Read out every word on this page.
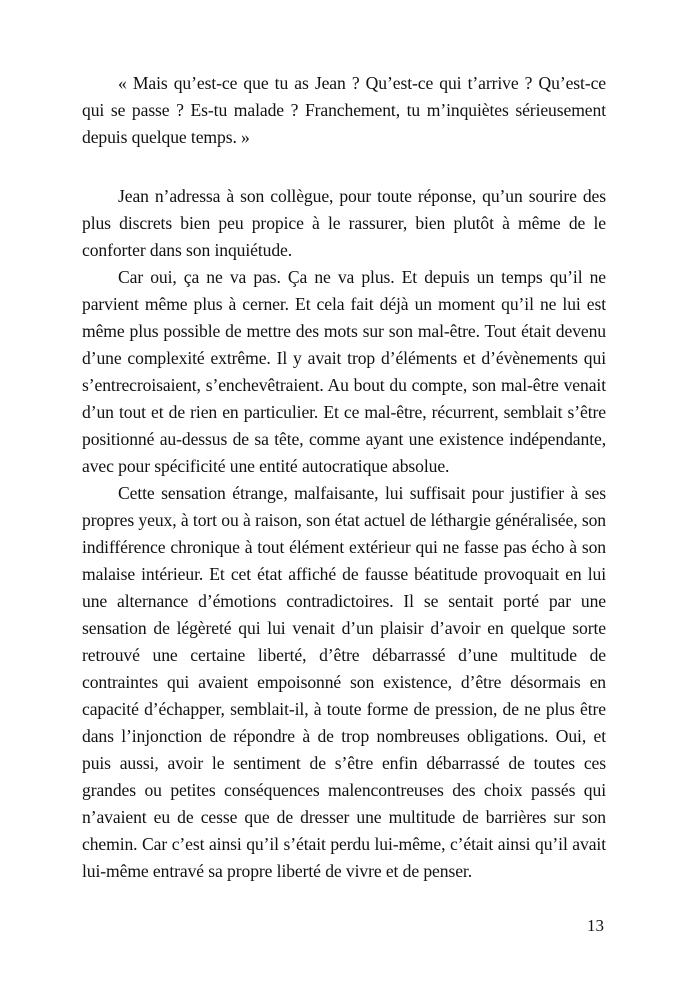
« Mais qu’est-ce que tu as Jean ? Qu’est-ce qui t’arrive ? Qu’est-ce qui se passe ? Es-tu malade ? Franchement, tu m’inquiètes sérieusement depuis quelque temps. »

Jean n’adressa à son collègue, pour toute réponse, qu’un sourire des plus discrets bien peu propice à le rassurer, bien plutôt à même de le conforter dans son inquiétude.

Car oui, ça ne va pas. Ça ne va plus. Et depuis un temps qu’il ne parvient même plus à cerner. Et cela fait déjà un moment qu’il ne lui est même plus possible de mettre des mots sur son mal-être. Tout était devenu d’une complexité extrême. Il y avait trop d’éléments et d’évènements qui s’entrecroisaient, s’enchevêtraient. Au bout du compte, son mal-être venait d’un tout et de rien en particulier. Et ce mal-être, récurrent, semblait s’être positionné au-dessus de sa tête, comme ayant une existence indépendante, avec pour spécificité une entité autocratique absolue.

Cette sensation étrange, malfaisante, lui suffisait pour justifier à ses propres yeux, à tort ou à raison, son état actuel de léthargie généralisée, son indifférence chronique à tout élément extérieur qui ne fasse pas écho à son malaise intérieur. Et cet état affiché de fausse béatitude provoquait en lui une alternance d’émotions contradictoires. Il se sentait porté par une sensation de légèreté qui lui venait d’un plaisir d’avoir en quelque sorte retrouvé une certaine liberté, d’être débarrassé d’une multitude de contraintes qui avaient empoisonné son existence, d’être désormais en capacité d’échapper, semblait-il, à toute forme de pression, de ne plus être dans l’injonction de répondre à de trop nombreuses obligations. Oui, et puis aussi, avoir le sentiment de s’être enfin débarrassé de toutes ces grandes ou petites conséquences malencontreuses des choix passés qui n’avaient eu de cesse que de dresser une multitude de barrières sur son chemin. Car c’est ainsi qu’il s’était perdu lui-même, c’était ainsi qu’il avait lui-même entravé sa propre liberté de vivre et de penser.

13
